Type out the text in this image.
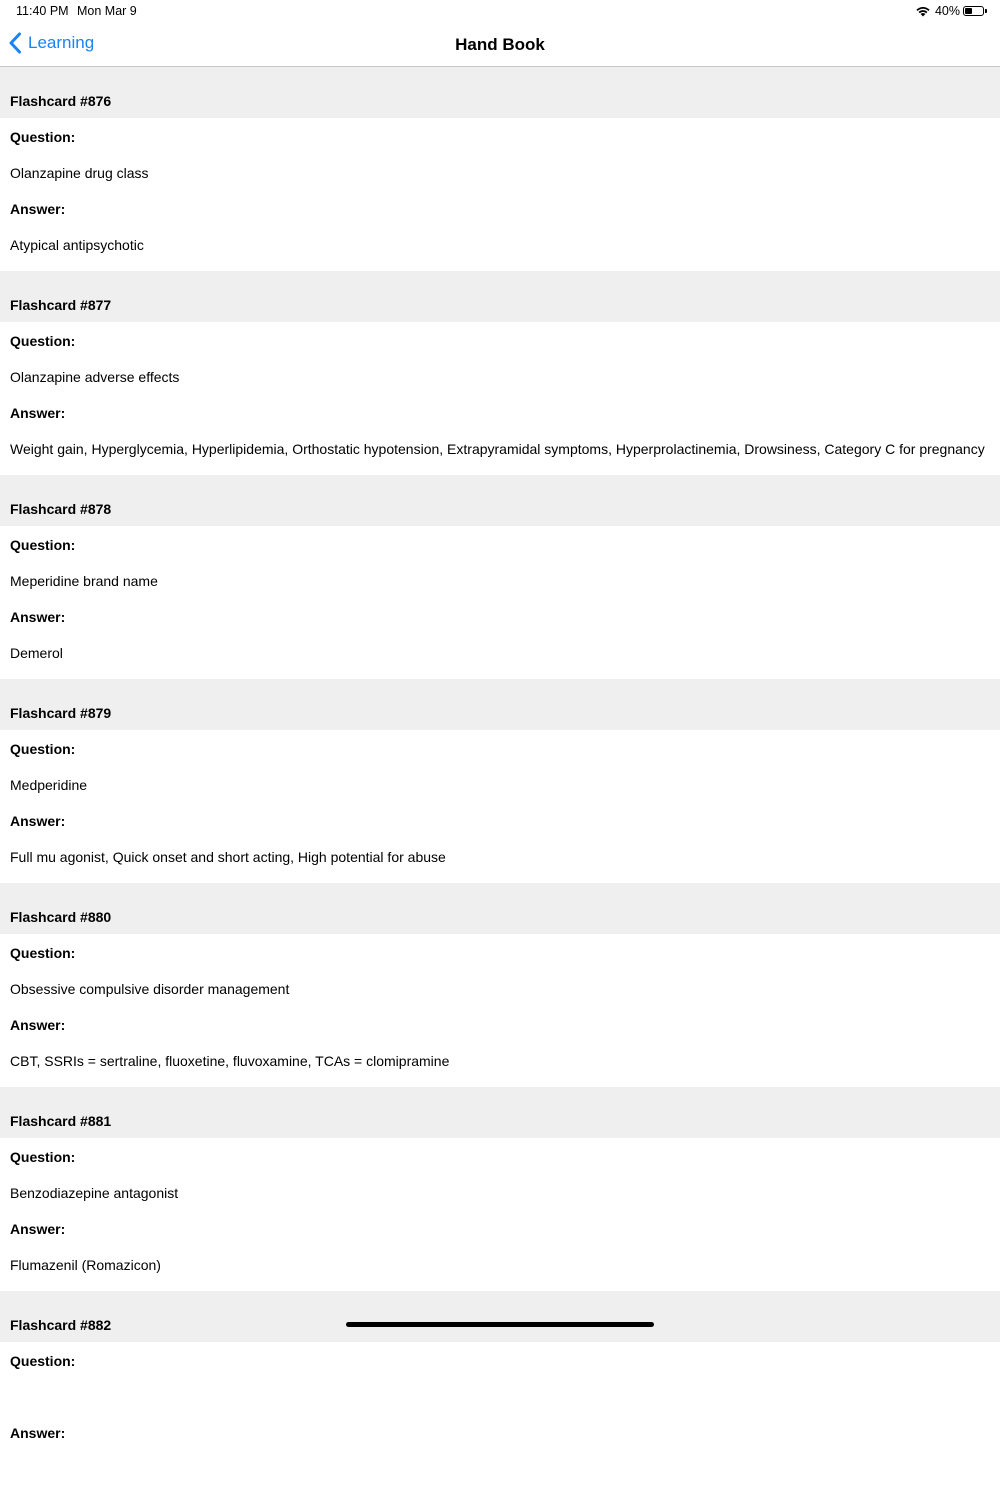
11:40 PM Mon Mar 9	40%
Learning	Hand Book
Flashcard #876
Question:
Olanzapine drug class
Answer:
Atypical antipsychotic
Flashcard #877
Question:
Olanzapine adverse effects
Answer:
Weight gain, Hyperglycemia, Hyperlipidemia, Orthostatic hypotension, Extrapyramidal symptoms, Hyperprolactinemia, Drowsiness, Category C for pregnancy
Flashcard #878
Question:
Meperidine brand name
Answer:
Demerol
Flashcard #879
Question:
Medperidine
Answer:
Full mu agonist, Quick onset and short acting, High potential for abuse
Flashcard #880
Question:
Obsessive compulsive disorder management
Answer:
CBT, SSRIs = sertraline, fluoxetine, fluvoxamine, TCAs = clomipramine
Flashcard #881
Question:
Benzodiazepine antagonist
Answer:
Flumazenil (Romazicon)
Flashcard #882
Question:
Answer:
